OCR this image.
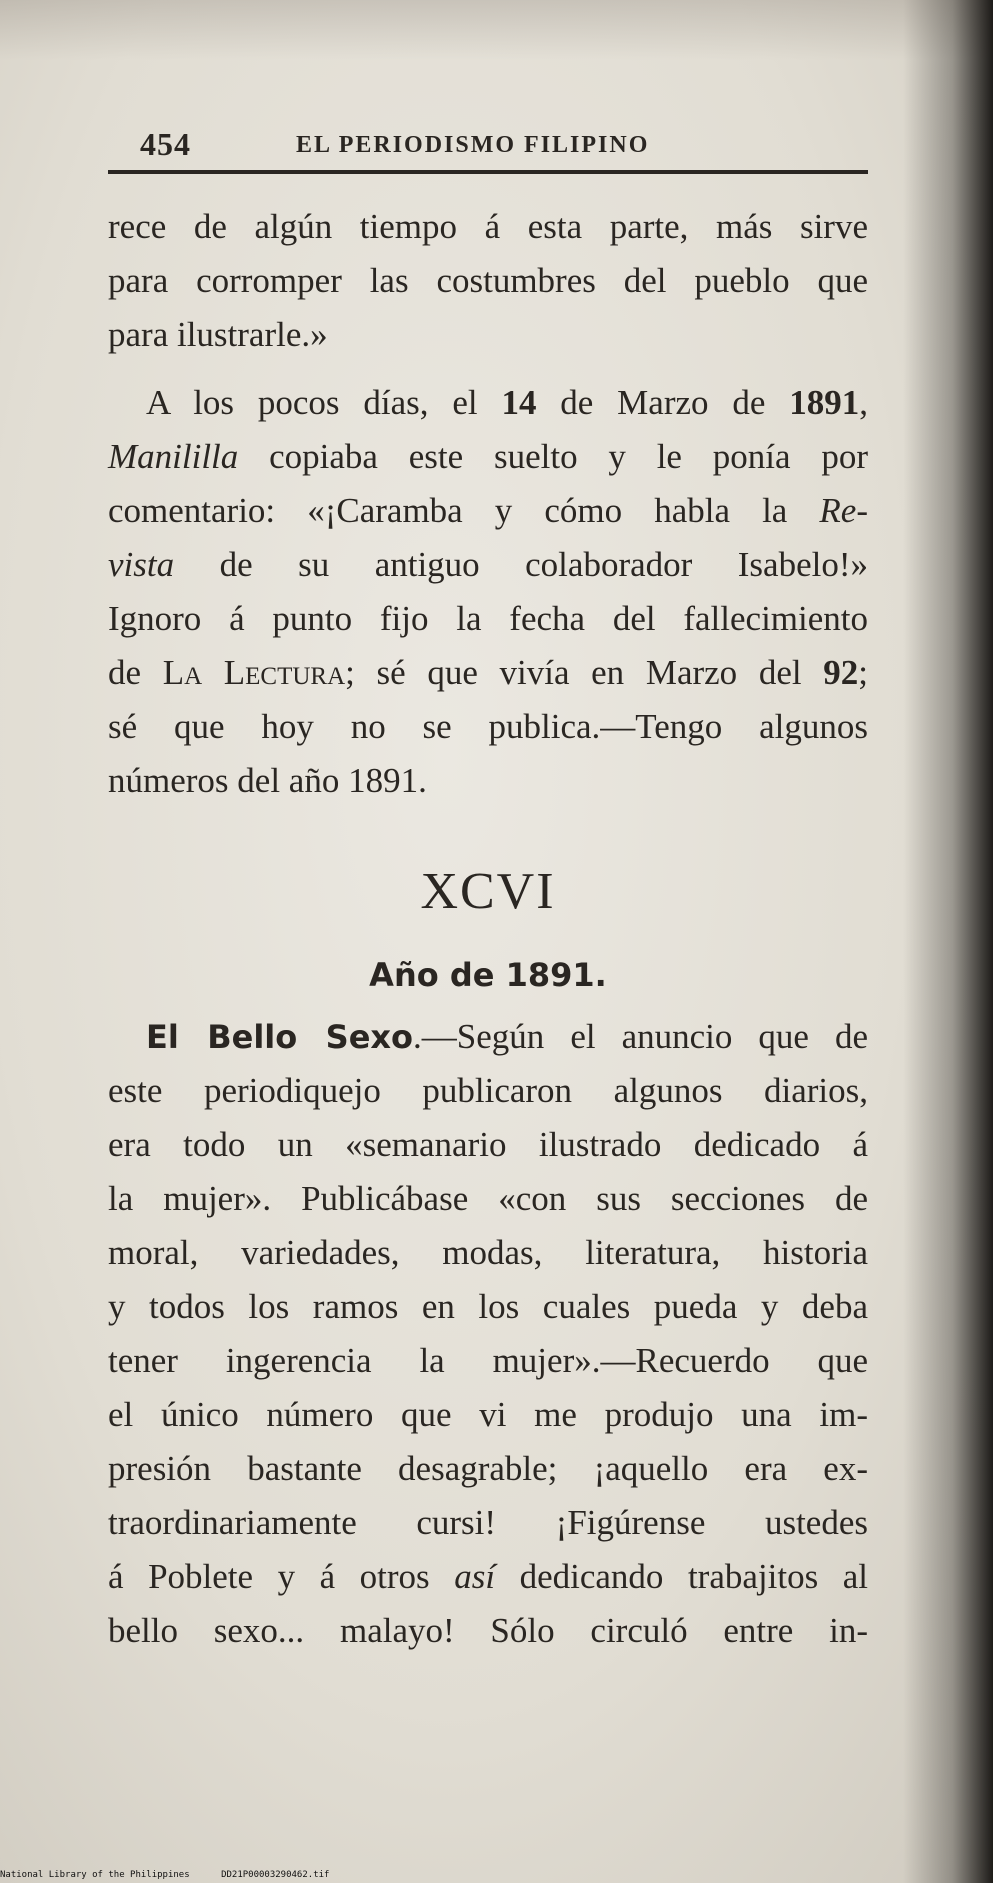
454	EL PERIODISMO FILIPINO
rece de algún tiempo á esta parte, más sirve
para corromper las costumbres del pueblo que
para ilustrarle.»
A los pocos días, el 14 de Marzo de 1891,
Manililla copiaba este suelto y le ponía por
comentario: «¡Caramba y cómo habla la Re-
vista de su antiguo colaborador Isabelo!»
Ignoro á punto fijo la fecha del fallecimiento
de La Lectura; sé que vivía en Marzo del 92;
sé que hoy no se publica.—Tengo algunos
números del año 1891.
XCVI
Año de 1891.
El Bello Sexo.—Según el anuncio que de
este periodiquejo publicaron algunos diarios,
era todo un «semanario ilustrado dedicado á
la mujer». Publicábase «con sus secciones de
moral, variedades, modas, literatura, historia
y todos los ramos en los cuales pueda y deba
tener ingerencia la mujer».—Recuerdo que
el único número que vi me produjo una im-
presión bastante desagrable; ¡aquello era ex-
traordinariamente cursi! ¡Figúrense ustedes
á Poblete y á otros así dedicando trabajitos al
bello sexo... malayo! Sólo circuló entre in-
National Library of the Philippines	DD21P00003290462.tif
